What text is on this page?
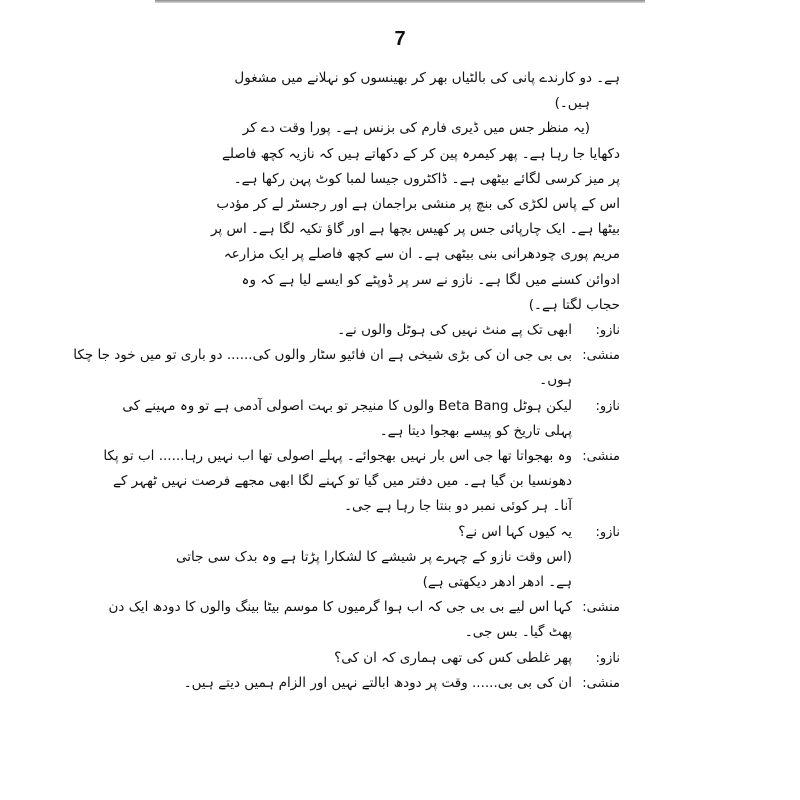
7
ہے۔ دو کارندے پانی کی بالٹیاں بھر کر بھینسوں کو نہلانے میں مشغول
ہیں۔)
(یہ منظر جس میں ڈیری فارم کی بزنس ہے۔ پورا وقت دے کر
دکھایا جا رہا ہے۔ پھر کیمرہ پین کر کے دکھاتے ہیں کہ نازیہ کچھ فاصلے
پر میز کرسی لگائے بیٹھی ہے۔ ڈاکٹروں جیسا لمبا کوٹ پہن رکھا ہے۔
اس کے پاس لکڑی کی بنچ پر منشی براجمان ہے اور رجسٹر لے کر مؤدب
بیٹھا ہے۔ ایک چارپائی جس پر کھیس بچھا ہے اور گاؤ تکیہ لگا ہے۔ اس پر
مریم پوری چودھرانی بنی بیٹھی ہے۔ ان سے کچھ فاصلے پر ایک مزارعہ
ادوائن کسنے میں لگا ہے۔ نازو نے سر پر ڈوپٹے کو ایسے لیا ہے کہ وہ
حجاب لگتا ہے۔)
نازو:
ابھی تک پے منٹ نہیں کی ہوٹل والوں نے۔
منشی:
بی بی جی ان کی بڑی شیخی ہے ان فائیو سٹار والوں کی...... دو باری تو میں خود جا چکا
ہوں۔
نازو:
لیکن ہوٹل Beta Bang والوں کا منیجر تو بہت اصولی آدمی ہے تو وہ مہینے کی
پہلی تاریخ کو پیسے بھجوا دیتا ہے۔
منشی:
وہ بھجواتا تھا جی اس بار نہیں بھجوائے۔ پہلے اصولی تھا اب نہیں رہا...... اب تو پکا
دھونسیا بن گیا ہے۔ میں دفتر میں گیا تو کہنے لگا ابھی مجھے فرصت نہیں ٹھہر کے
آنا۔ ہر کوئی نمبر دو بنتا جا رہا ہے جی۔
نازو:
یہ کیوں کہا اس نے؟
(اس وقت نازو کے چہرے پر شیشے کا لشکارا پڑتا ہے وہ بدک سی جاتی
ہے۔ ادھر ادھر دیکھتی ہے)
منشی:
کہا اس لیے بی بی جی کہ اب ہوا گرمیوں کا موسم بیٹا بینگ والوں کا دودھ ایک دن
پھٹ گیا۔ بس جی۔
نازو:
پھر غلطی کس کی تھی ہماری کہ ان کی؟
منشی:
ان کی بی بی...... وقت پر دودھ ابالتے نہیں اور الزام ہمیں دیتے ہیں۔
